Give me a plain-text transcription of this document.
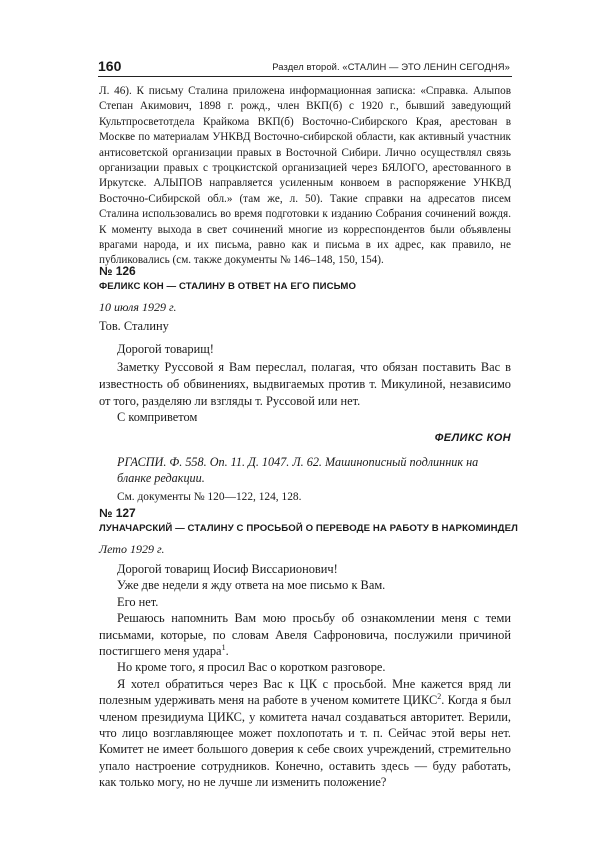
160	Раздел второй. «СТАЛИН — ЭТО ЛЕНИН СЕГОДНЯ»

Л. 46). К письму Сталина приложена информационная записка: «Справка. Алыпов Степан Акимович, 1898 г. рожд., член ВКП(б) с 1920 г., бывший заведующий Культпросветотдела Крайкома ВКП(б) Восточно-Сибирского Края, арестован в Москве по материалам УНКВД Восточно-сибирской области, как активный участник антисоветской организации правых в Восточной Сибири. Лично осуществлял связь организации правых с троцкистской организацией через БЯЛОГО, арестованного в Иркутске. АЛЫПОВ направляется усиленным конвоем в распоряжение УНКВД Восточно-Сибирской обл.» (там же, л. 50). Такие справки на адресатов писем Сталина использовались во время подготовки к изданию Собрания сочинений вождя. К моменту выхода в свет сочинений многие из корреспондентов были объявлены врагами народа, и их письма, равно как и письма в их адрес, как правило, не публиковались (см. также документы № 146–148, 150, 154).

№ 126
ФЕЛИКС КОН — СТАЛИНУ В ОТВЕТ НА ЕГО ПИСЬМО
10 июля 1929 г.
Тов. Сталину
Дорогой товарищ!
Заметку Руссовой я Вам переслал, полагая, что обязан поставить Вас в известность об обвинениях, выдвигаемых против т. Микулиной, независимо от того, разделяю ли взгляды т. Руссовой или нет.
С комприветом
ФЕЛИКС КОН
РГАСПИ. Ф. 558. Оп. 11. Д. 1047. Л. 62. Машинописный подлинник на бланке редакции.
См. документы № 120—122, 124, 128.
№ 127
ЛУНАЧАРСКИЙ — СТАЛИНУ С ПРОСЬБОЙ О ПЕРЕВОДЕ НА РАБОТУ В НАРКОМИНДЕЛ
Лето 1929 г.

Дорогой товарищ Иосиф Виссарионович!

Уже две недели я жду ответа на мое письмо к Вам.

Его нет.

Решаюсь напомнить Вам мою просьбу об ознакомлении меня с теми письмами, которые, по словам Авеля Сафроновича, послужили причиной постигшего меня удара$^1$.

Но кроме того, я просил Вас о коротком разговоре.

Я хотел обратиться через Вас к ЦК с просьбой. Мне кажется вряд ли полезным удерживать меня на работе в ученом комитете ЦИКС$^2$. Когда я был членом президиума ЦИКС, у комитета начал создаваться авторитет. Верили, что лицо возглавляющее может похлопотать и т. п. Сейчас этой веры нет. Комитет не имеет большого доверия к себе своих учреждений, стремительно упало настроение сотрудников. Конечно, оставить здесь — буду работать, как только могу, но не лучше ли изменить положение?
